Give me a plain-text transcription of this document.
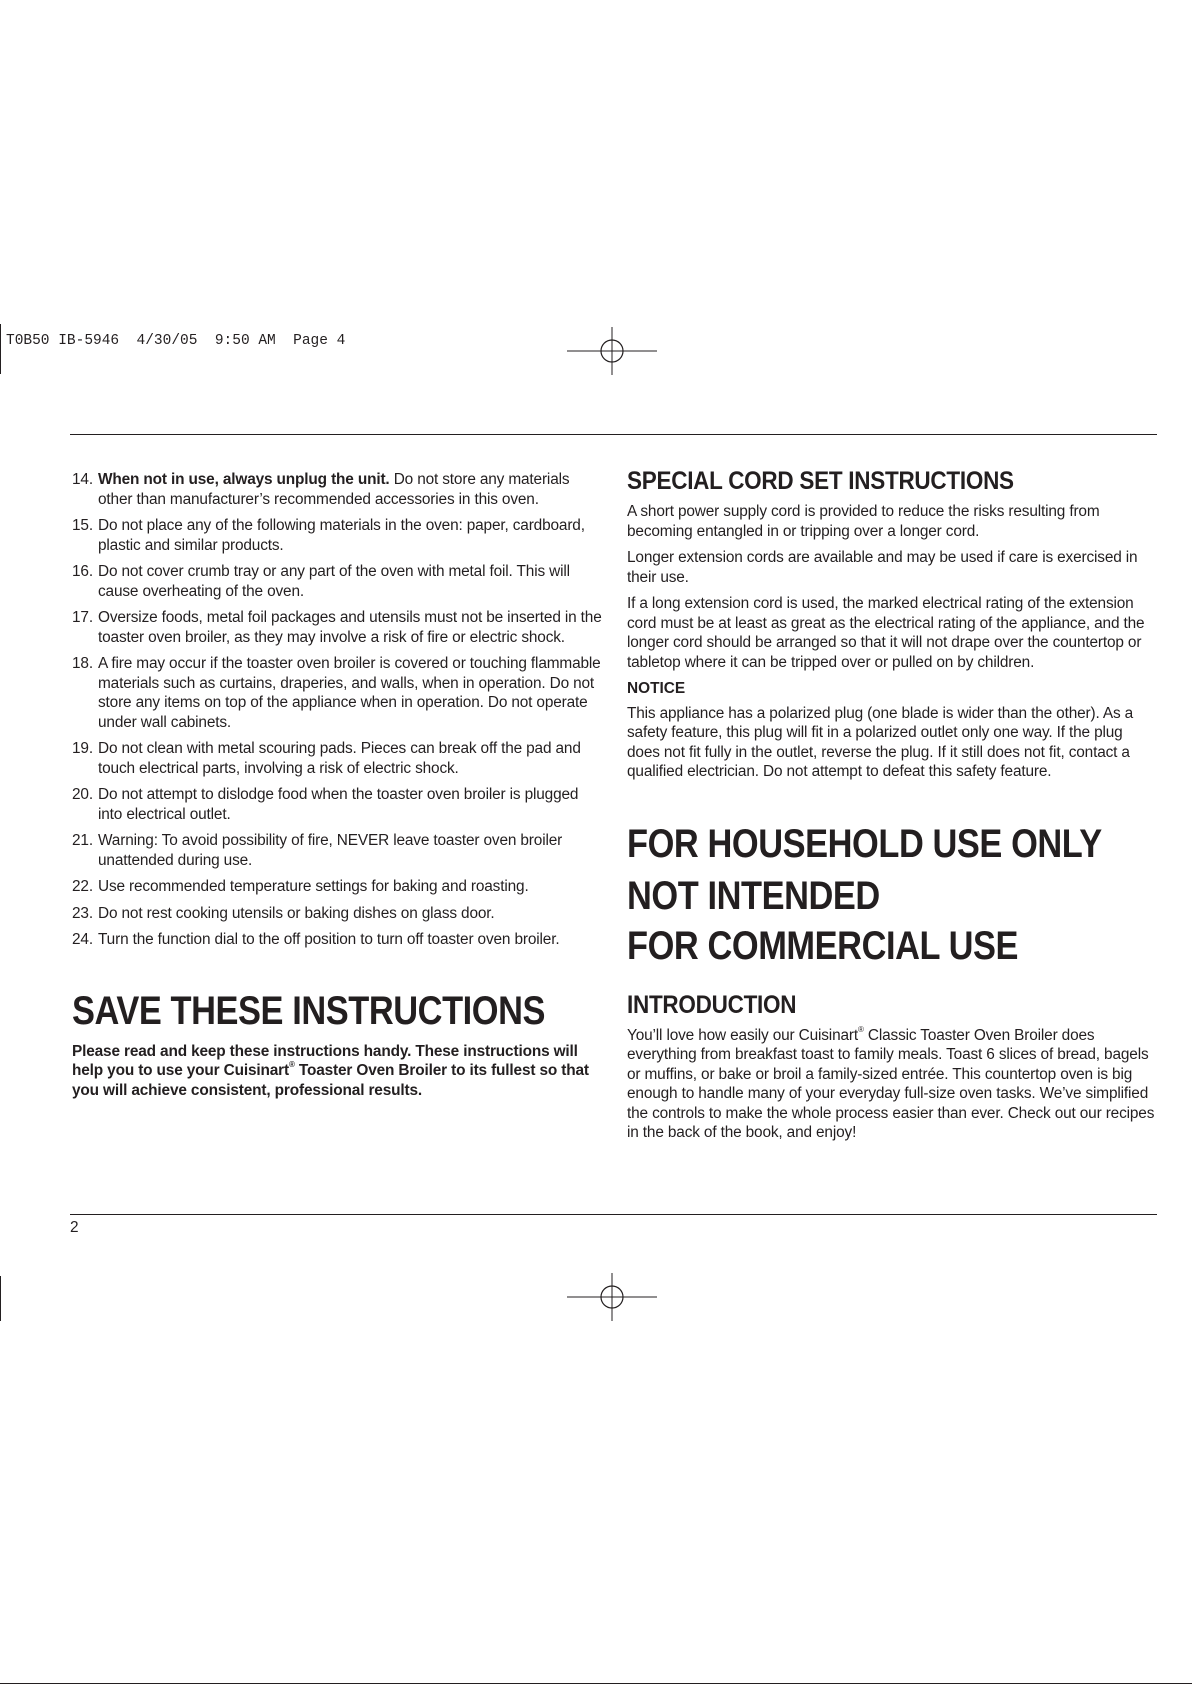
T0B50 IB-5946  4/30/05  9:50 AM  Page 4
14. When not in use, always unplug the unit. Do not store any materials other than manufacturer’s recommended accessories in this oven.
15. Do not place any of the following materials in the oven: paper, cardboard, plastic and similar products.
16. Do not cover crumb tray or any part of the oven with metal foil. This will cause overheating of the oven.
17. Oversize foods, metal foil packages and utensils must not be inserted in the toaster oven broiler, as they may involve a risk of fire or electric shock.
18. A fire may occur if the toaster oven broiler is covered or touching flammable materials such as curtains, draperies, and walls, when in operation. Do not store any items on top of the appliance when in operation. Do not operate under wall cabinets.
19. Do not clean with metal scouring pads. Pieces can break off the pad and touch electrical parts, involving a risk of electric shock.
20. Do not attempt to dislodge food when the toaster oven broiler is plugged into electrical outlet.
21. Warning: To avoid possibility of fire, NEVER leave toaster oven broiler unattended during use.
22. Use recommended temperature settings for baking and roasting.
23. Do not rest cooking utensils or baking dishes on glass door.
24. Turn the function dial to the off position to turn off toaster oven broiler.
SAVE THESE INSTRUCTIONS

Please read and keep these instructions handy. These instructions will help you to use your Cuisinart® Toaster Oven Broiler to its fullest so that you will achieve consistent, professional results.

SPECIAL CORD SET INSTRUCTIONS

A short power supply cord is provided to reduce the risks resulting from becoming entangled in or tripping over a longer cord.

Longer extension cords are available and may be used if care is exercised in their use.

If a long extension cord is used, the marked electrical rating of the extension cord must be at least as great as the electrical rating of the appliance, and the longer cord should be arranged so that it will not drape over the countertop or tabletop where it can be tripped over or pulled on by children.

NOTICE

This appliance has a polarized plug (one blade is wider than the other). As a safety feature, this plug will fit in a polarized outlet only one way. If the plug does not fit fully in the outlet, reverse the plug. If it still does not fit, contact a qualified electrician. Do not attempt to defeat this safety feature.

FOR HOUSEHOLD USE ONLY
NOT INTENDED
FOR COMMERCIAL USE
INTRODUCTION

You’ll love how easily our Cuisinart® Classic Toaster Oven Broiler does everything from breakfast toast to family meals. Toast 6 slices of bread, bagels or muffins, or bake or broil a family-sized entrée. This countertop oven is big enough to handle many of your everyday full-size oven tasks. We’ve simplified the controls to make the whole process easier than ever. Check out our recipes in the back of the book, and enjoy!

2
